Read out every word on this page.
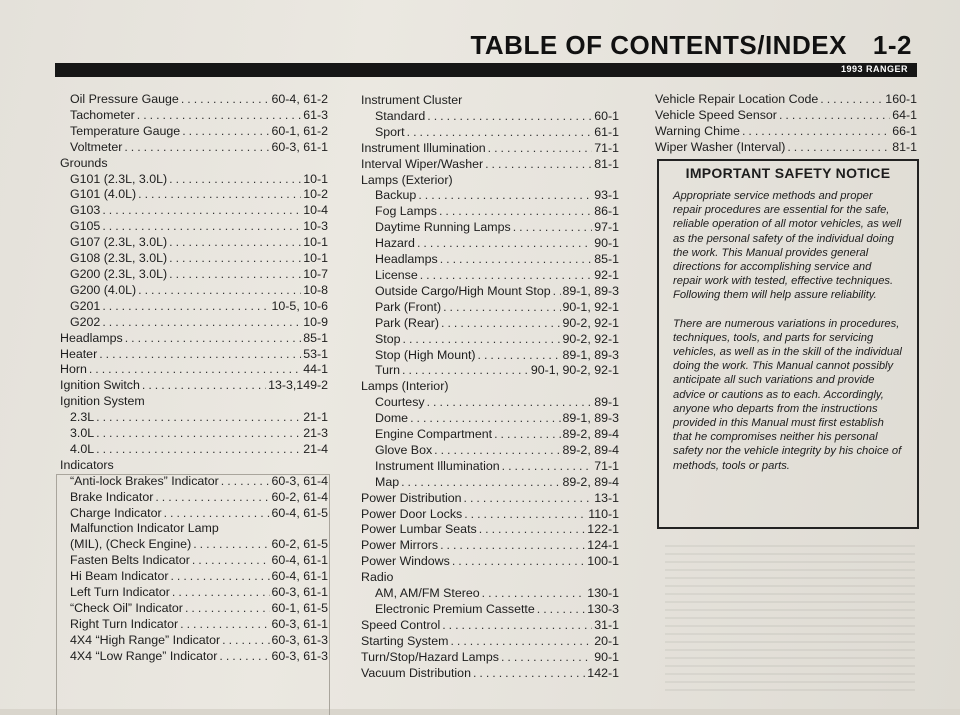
TABLE OF CONTENTS/INDEX 1-2
1993 RANGER
Oil Pressure Gauge .....	60-4, 61-2
Tachometer .....	61-3
Temperature Gauge .....	60-1, 61-2
Voltmeter .....	60-3, 61-1
Grounds
G101 (2.3L, 3.0L) .....	10-1
G101 (4.0L) .....	10-2
G103 .....	10-4
G105 .....	10-3
G107 (2.3L, 3.0L) .....	10-1
G108 (2.3L, 3.0L) .....	10-1
G200 (2.3L, 3.0L) .....	10-7
G200 (4.0L) .....	10-8
G201 .....	10-5, 10-6
G202 .....	10-9
Headlamps .....	85-1
Heater .....	53-1
Horn .....	44-1
Ignition Switch .....	13-3,149-2
Ignition System
2.3L .....	21-1
3.0L .....	21-3
4.0L .....	21-4
Indicators
“Anti-lock Brakes” Indicator .....	60-3, 61-4
Brake Indicator .....	60-2, 61-4
Charge Indicator .....	60-4, 61-5
Malfunction Indicator Lamp
(MIL), (Check Engine) .....	60-2, 61-5
Fasten Belts Indicator .....	60-4, 61-1
Hi Beam Indicator .....	60-4, 61-1
Left Turn Indicator .....	60-3, 61-1
“Check Oil” Indicator .....	60-1, 61-5
Right Turn Indicator .....	60-3, 61-1
4X4 “High Range” Indicator .....	60-3, 61-3
4X4 “Low Range” Indicator .....	60-3, 61-3
Instrument Cluster
Standard .....	60-1
Sport .....	61-1
Instrument Illumination .....	71-1
Interval Wiper/Washer .....	81-1
Lamps (Exterior)
Backup .....	93-1
Fog Lamps .....	86-1
Daytime Running Lamps .....	97-1
Hazard .....	90-1
Headlamps .....	85-1
License .....	92-1
Outside Cargo/High Mount Stop ..... 89-1, 89-3
Park (Front) .....	90-1, 92-1
Park (Rear) .....	90-2, 92-1
Stop .....	90-2, 92-1
Stop (High Mount) .....	89-1, 89-3
Turn .....	90-1, 90-2, 92-1
Lamps (Interior)
Courtesy .....	89-1
Dome .....	89-1, 89-3
Engine Compartment .....	89-2, 89-4
Glove Box .....	89-2, 89-4
Instrument Illumination .....	71-1
Map .....	89-2, 89-4
Power Distribution .....	13-1
Power Door Locks .....	110-1
Power Lumbar Seats .....	122-1
Power Mirrors .....	124-1
Power Windows .....	100-1
Radio
AM, AM/FM Stereo .....	130-1
Electronic Premium Cassette .....	130-3
Speed Control .....	31-1
Starting System .....	20-1
Turn/Stop/Hazard Lamps .....	90-1
Vacuum Distribution .....	142-1
Vehicle Repair Location Code .....	160-1
Vehicle Speed Sensor .....	64-1
Warning Chime .....	66-1
Wiper Washer (Interval) .....	81-1
IMPORTANT SAFETY NOTICE

Appropriate service methods and proper repair procedures are essential for the safe, reliable operation of all motor vehicles, as well as the personal safety of the individual doing the work. This Manual provides general directions for accomplishing service and repair work with tested, effective techniques. Following them will help assure reliability.

There are numerous variations in procedures, techniques, tools, and parts for servicing vehicles, as well as in the skill of the individual doing the work. This Manual cannot possibly anticipate all such variations and provide advice or cautions as to each. Accordingly, anyone who departs from the instructions provided in this Manual must first establish that he compromises neither his personal safety nor the vehicle integrity by his choice of methods, tools or parts.
